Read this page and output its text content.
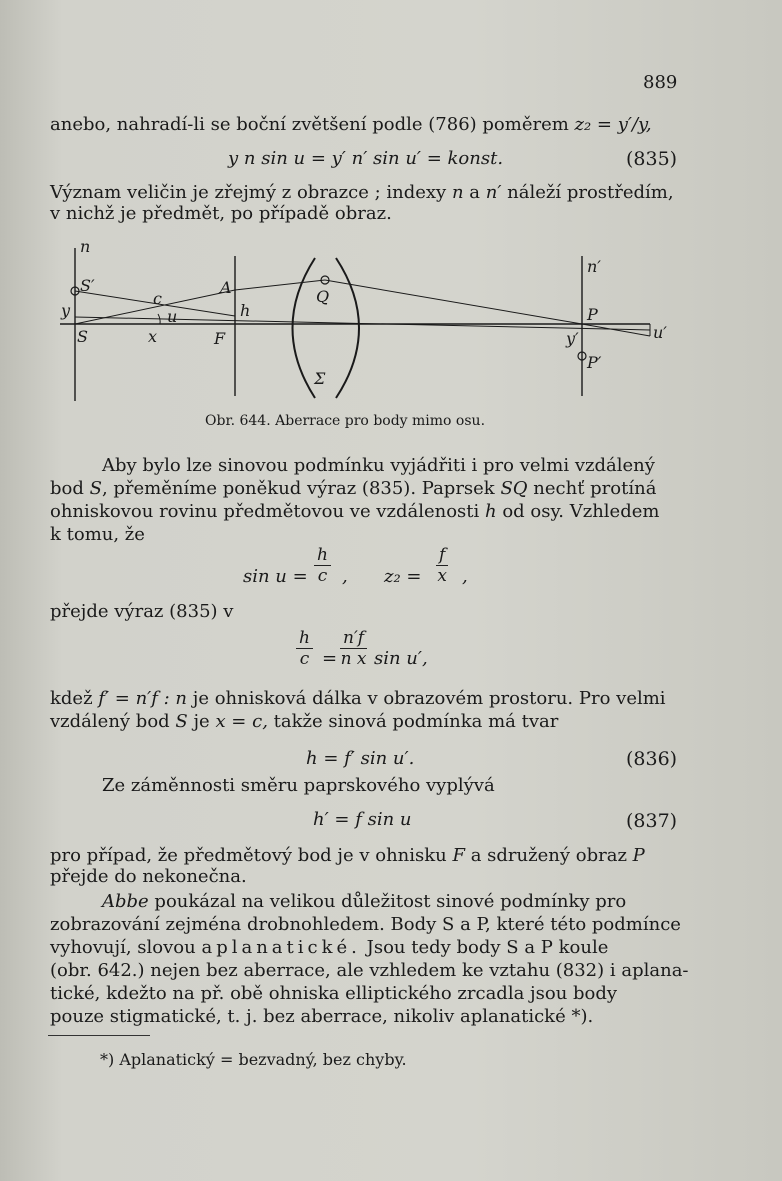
889
anebo, nahradí-li se boční zvětšení podle (786) poměrem z₂ = y′/y,
y n sin u = y′ n′ sin u′ = konst.	(835)
Význam veličin je zřejmý z obrazce ; indexy n a n′ náleží prostředím,
v nichž je předmět, po případě obraz.
n
S′
y
c
A
u
S	x	F
h
Q
Σ
n′
P
y′	u′
P′
Obr. 644. Aberrace pro body mimo osu.
Aby bylo lze sinovou podmínku vyjádřiti i pro velmi vzdálený
bod S, přeměníme poněkud výraz (835). Paprsek SQ nechť protíná
ohniskovou rovinu předmětovou ve vzdálenosti h od osy. Vzhledem
k tomu, že
$\sin u = \frac{h}{c}$ , $z_2 = \frac{f}{x}$ ,
přejde výraz (835) v
$\frac{h}{c} = \frac{n'f}{\text{n x}}$ sin u′,
kdež f′ = n′f : n je ohnisková dálka v obrazovém prostoru. Pro velmi
vzdálený bod S je x = c, takže sinová podmínka má tvar
h = f′ sin u′.	(836)
Ze záměnnosti směru paprskového vyplývá
h′ = f sin u	(837)
pro případ, že předmětový bod je v ohnisku F a sdružený obraz P
přejde do nekonečna.
Abbe poukázal na velikou důležitost sinové podmínky pro
zobrazování zejména drobnohledem. Body S a P, které této podmínce
vyhovují, slovou aplanatické. Jsou tedy body S a P koule
(obr. 642.) nejen bez aberrace, ale vzhledem ke vztahu (832) i aplana-
tické, kdežto na př. obě ohniska elliptického zrcadla jsou body
pouze stigmatické, t. j. bez aberrace, nikoliv aplanatické *).
*) Aplanatický = bezvadný, bez chyby.
